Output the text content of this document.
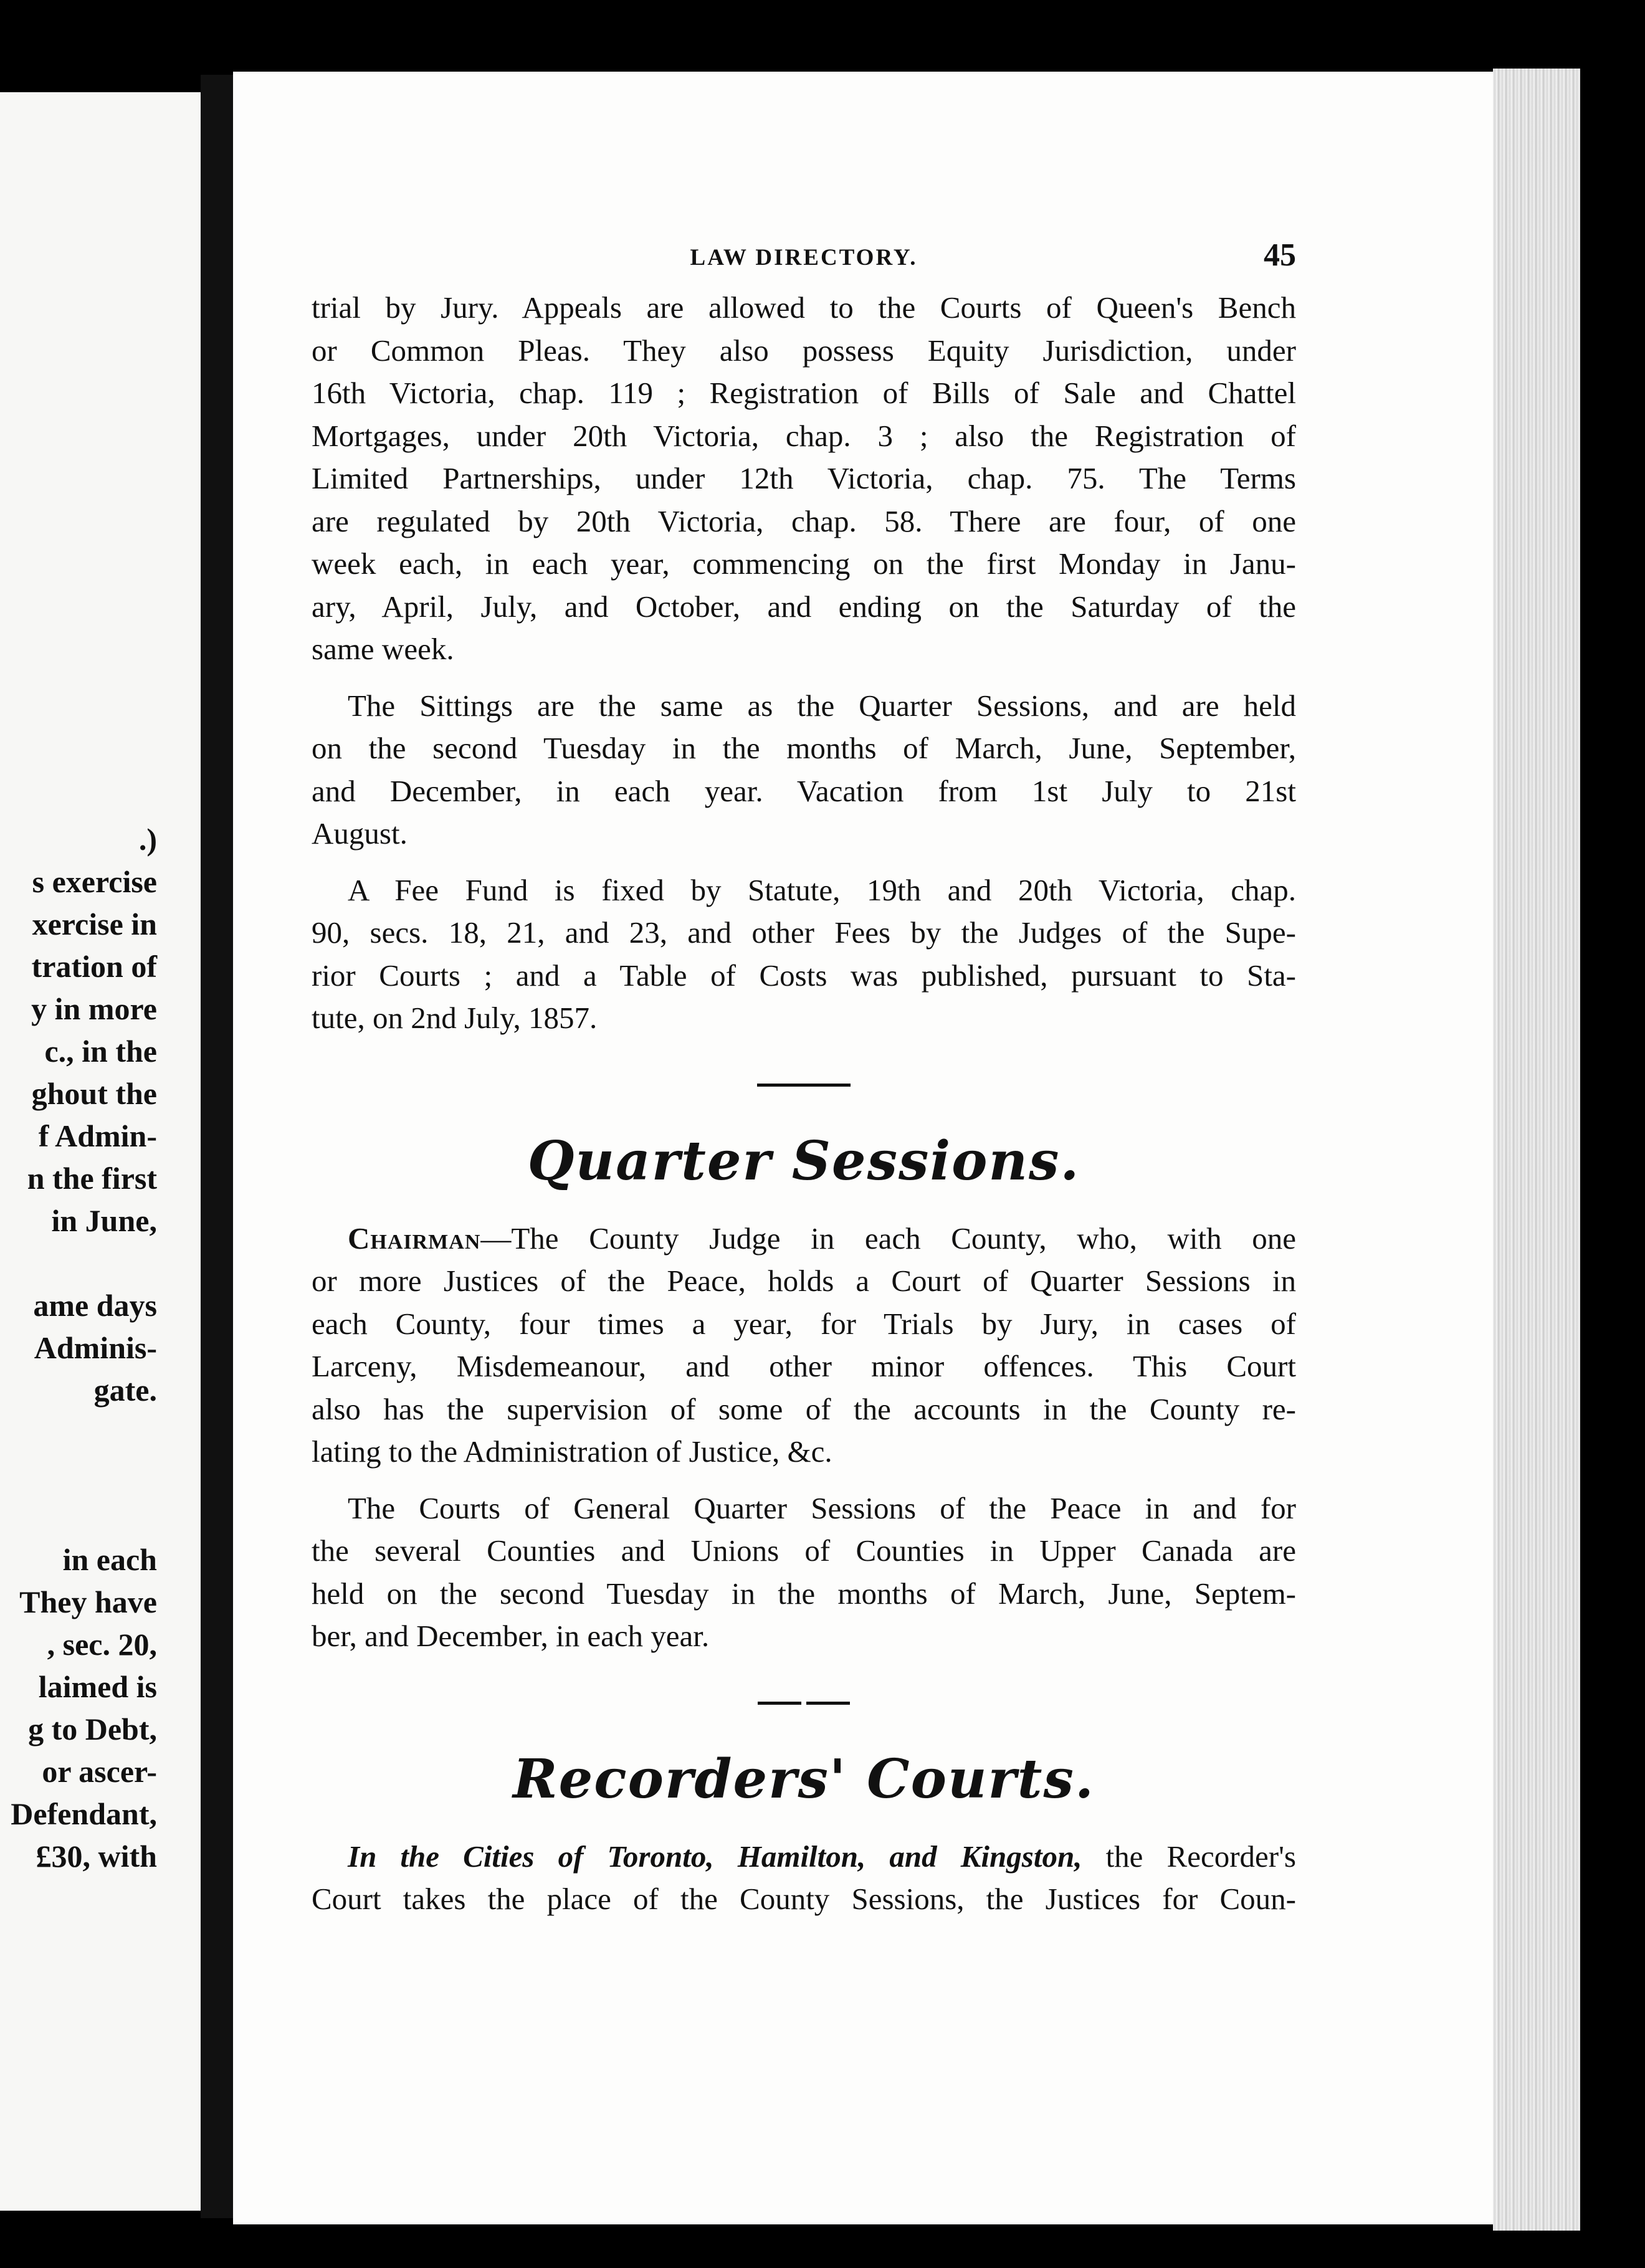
.)
s exercise
xercise in
tration of
y in more
c., in the
ghout the
f Admin-
n the first
in June,
ame days
Adminis-
gate.
in each
They have
, sec. 20,
laimed is
g to Debt,
or ascer-
Defendant,
£30, with
LAW DIRECTORY.	45

trial by Jury. Appeals are allowed to the Courts of Queen's Bench

or Common Pleas. They also possess Equity Jurisdiction, under

16th Victoria, chap. 119 ; Registration of Bills of Sale and Chattel

Mortgages, under 20th Victoria, chap. 3 ; also the Registration of

Limited Partnerships, under 12th Victoria, chap. 75. The Terms

are regulated by 20th Victoria, chap. 58. There are four, of one

week each, in each year, commencing on the first Monday in Janu-

ary, April, July, and October, and ending on the Saturday of the

same week.

The Sittings are the same as the Quarter Sessions, and are held

on the second Tuesday in the months of March, June, September,

and December, in each year. Vacation from 1st July to 21st

August.

A Fee Fund is fixed by Statute, 19th and 20th Victoria, chap.

90, secs. 18, 21, and 23, and other Fees by the Judges of the Supe-

rior Courts ; and a Table of Costs was published, pursuant to Sta-

tute, on 2nd July, 1857.

Quarter Sessions.

Chairman—The County Judge in each County, who, with one

or more Justices of the Peace, holds a Court of Quarter Sessions in

each County, four times a year, for Trials by Jury, in cases of

Larceny, Misdemeanour, and other minor offences. This Court

also has the supervision of some of the accounts in the County re-

lating to the Administration of Justice, &c.

The Courts of General Quarter Sessions of the Peace in and for

the several Counties and Unions of Counties in Upper Canada are

held on the second Tuesday in the months of March, June, Septem-

ber, and December, in each year.

Recorders' Courts.

In the Cities of Toronto, Hamilton, and Kingston, the Recorder's

Court takes the place of the County Sessions, the Justices for Coun-
